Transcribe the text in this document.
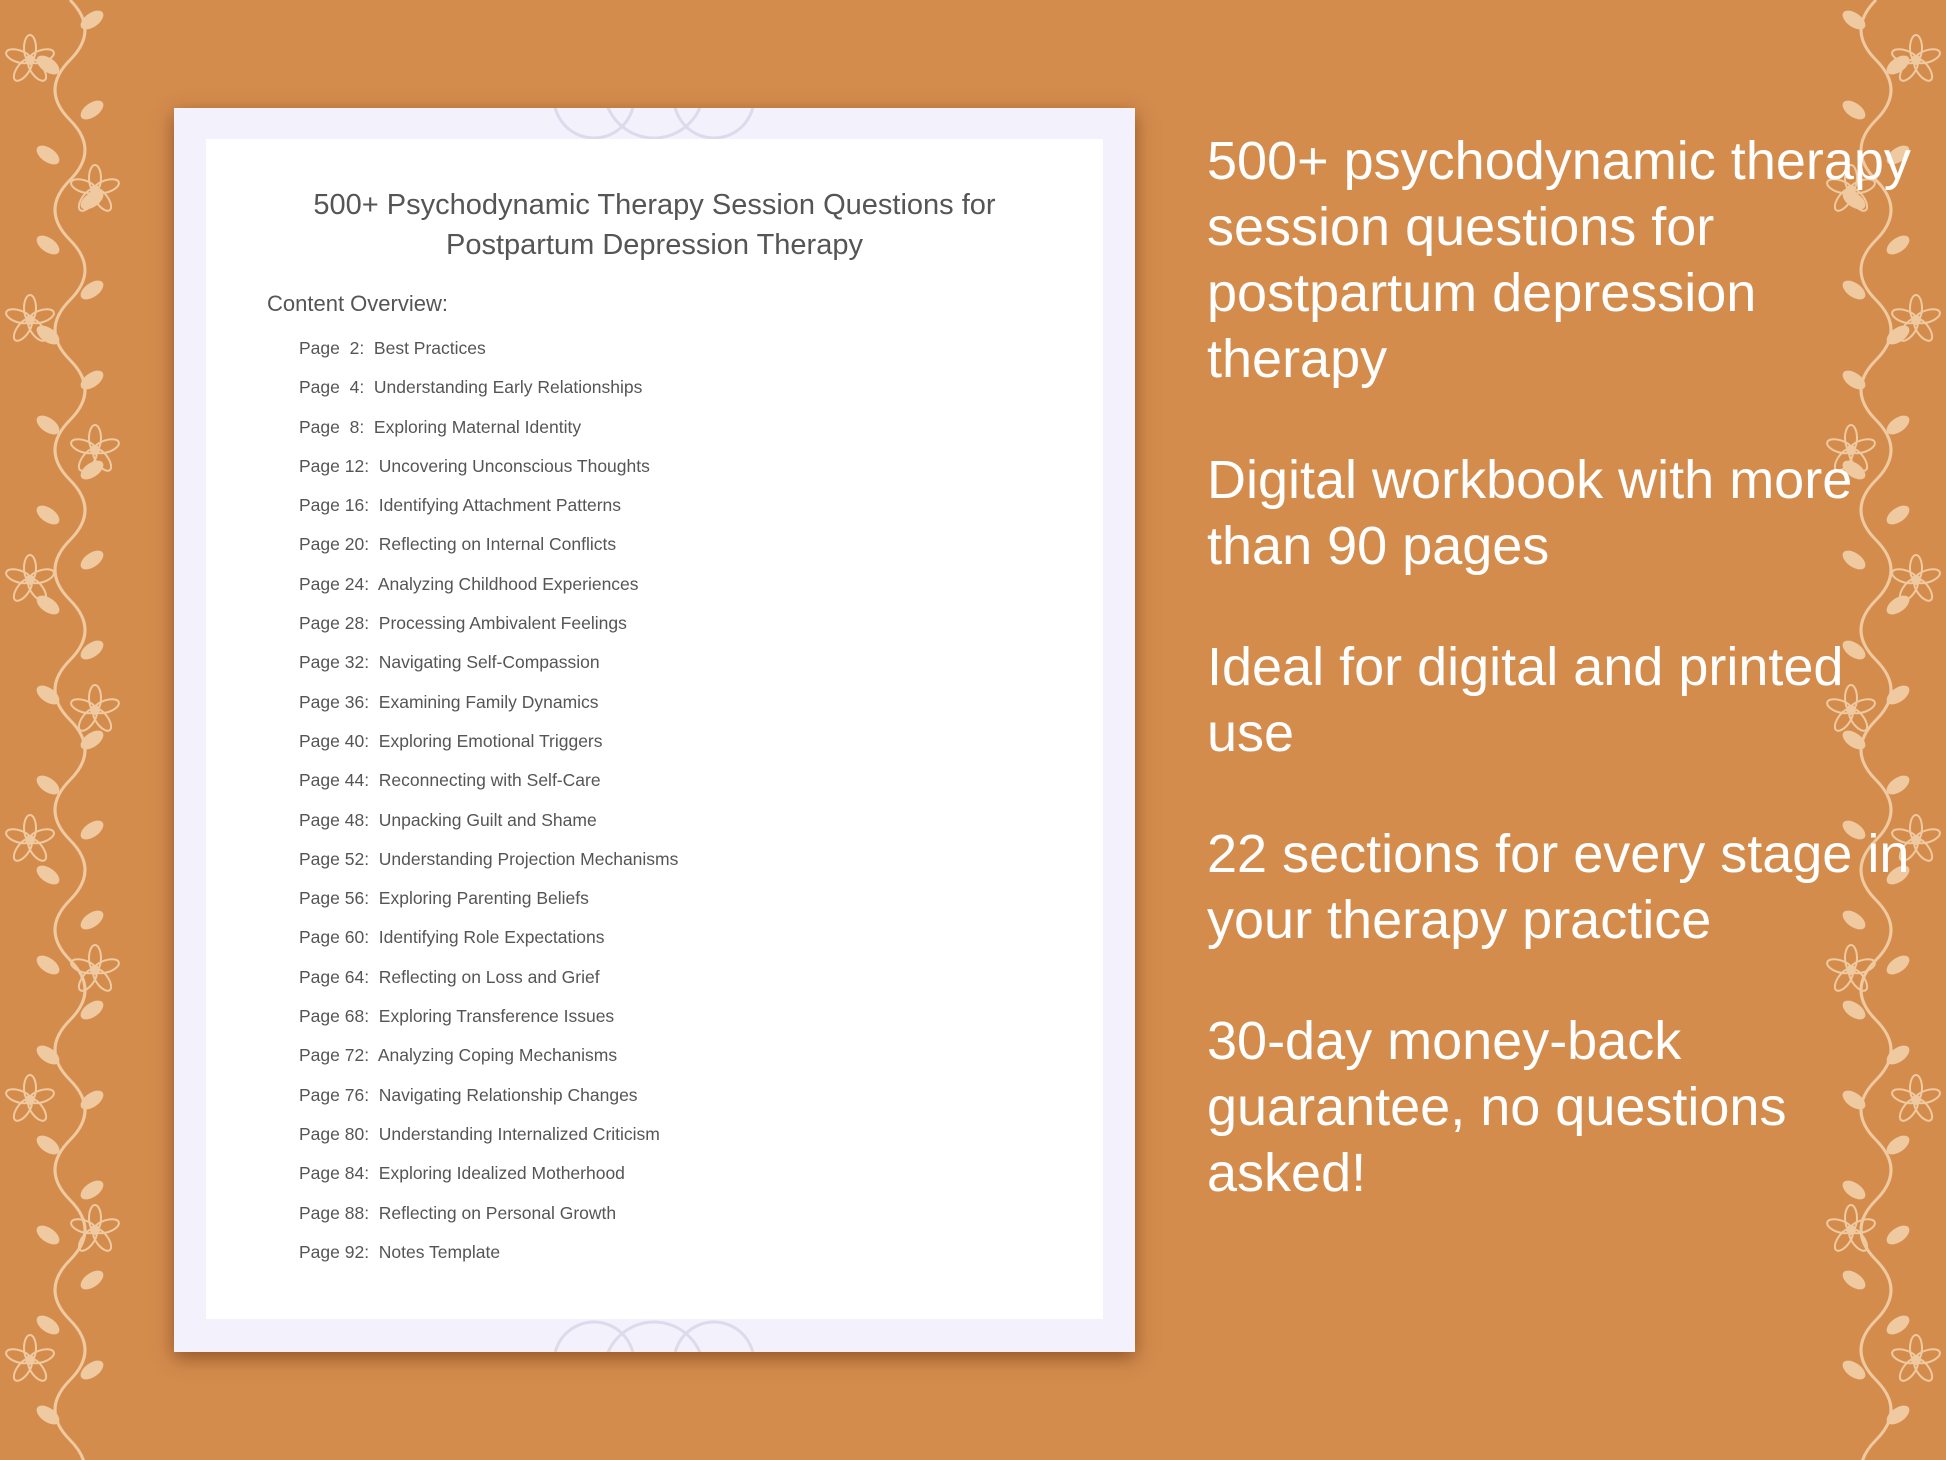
500+ Psychodynamic Therapy Session Questions for
Postpartum Depression Therapy
Content Overview:
Page  2:  Best Practices
Page  4:  Understanding Early Relationships
Page  8:  Exploring Maternal Identity
Page 12:  Uncovering Unconscious Thoughts
Page 16:  Identifying Attachment Patterns
Page 20:  Reflecting on Internal Conflicts
Page 24:  Analyzing Childhood Experiences
Page 28:  Processing Ambivalent Feelings
Page 32:  Navigating Self-Compassion
Page 36:  Examining Family Dynamics
Page 40:  Exploring Emotional Triggers
Page 44:  Reconnecting with Self-Care
Page 48:  Unpacking Guilt and Shame
Page 52:  Understanding Projection Mechanisms
Page 56:  Exploring Parenting Beliefs
Page 60:  Identifying Role Expectations
Page 64:  Reflecting on Loss and Grief
Page 68:  Exploring Transference Issues
Page 72:  Analyzing Coping Mechanisms
Page 76:  Navigating Relationship Changes
Page 80:  Understanding Internalized Criticism
Page 84:  Exploring Idealized Motherhood
Page 88:  Reflecting on Personal Growth
Page 92:  Notes Template
500+ psychodynamic therapy session questions for postpartum depression therapy
Digital workbook with more than 90 pages
Ideal for digital and printed use
22 sections for every stage in your therapy practice
30-day money-back guarantee, no questions asked!
